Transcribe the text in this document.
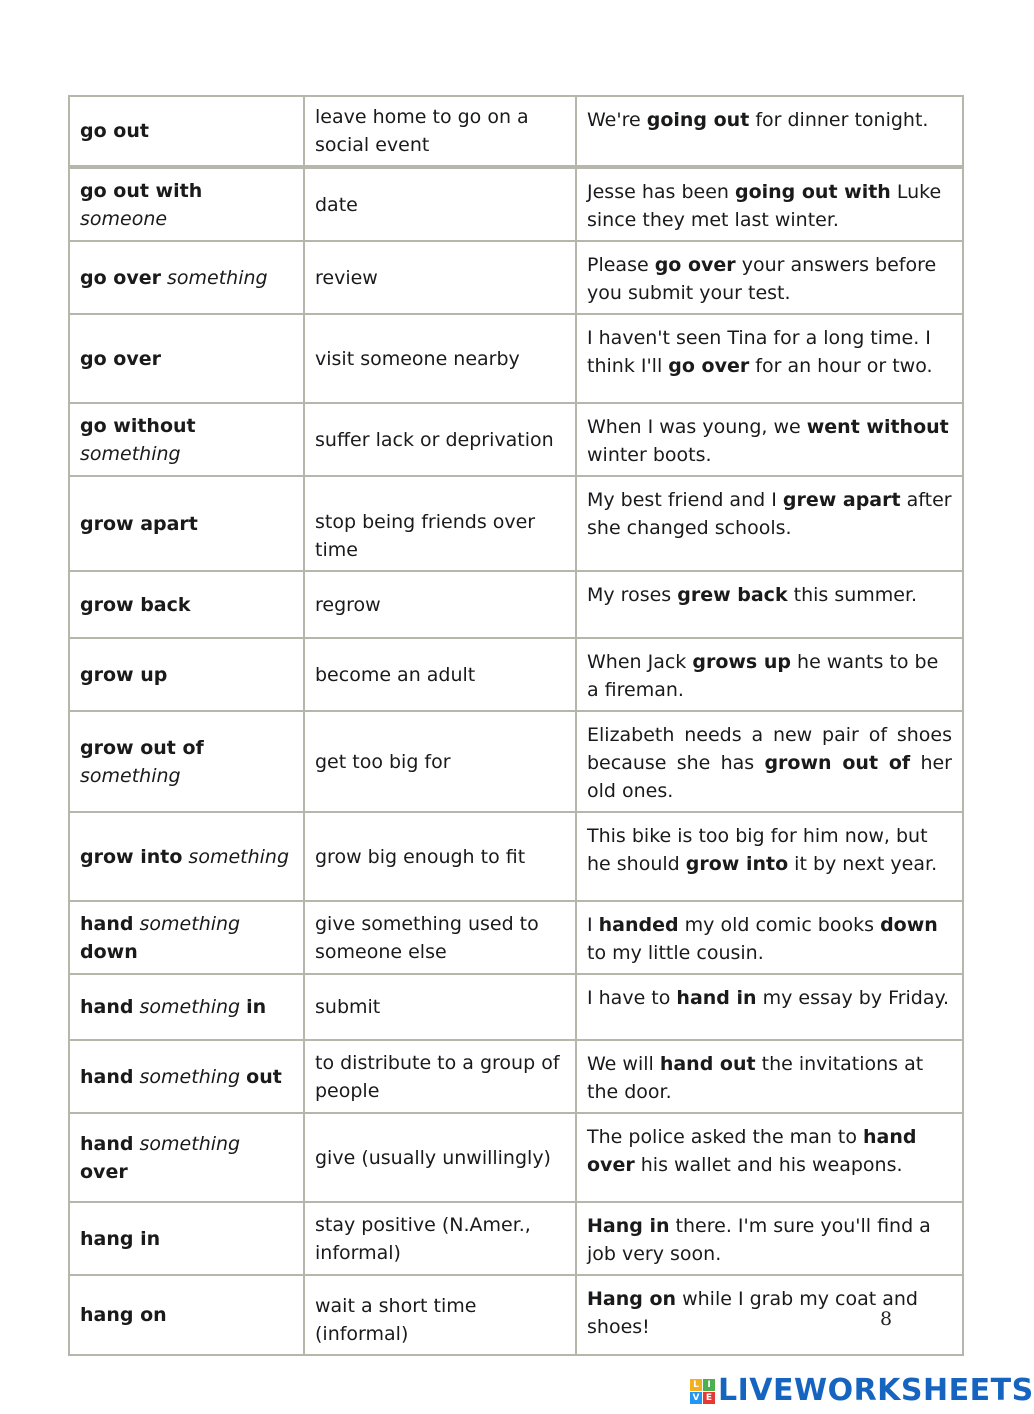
go out	leave home to go on a social event	We're going out for dinner tonight.
go out with someone	date	Jesse has been going out with Luke since they met last winter.
go over something	review	Please go over your answers before you submit your test.
go over	visit someone nearby	I haven't seen Tina for a long time. I think I'll go over for an hour or two.
go without something	suffer lack or deprivation	When I was young, we went without winter boots.
grow apart	stop being friends over time	My best friend and I grew apart after she changed schools.
grow back	regrow	My roses grew back this summer.
grow up	become an adult	When Jack grows up he wants to be a fireman.
grow out of something	get too big for	Elizabeth needs a new pair of shoes because she has grown out of her old ones.
grow into something	grow big enough to fit	This bike is too big for him now, but he should grow into it by next year.
hand something down	give something used to someone else	I handed my old comic books down to my little cousin.
hand something in	submit	I have to hand in my essay by Friday.
hand something out	to distribute to a group of people	We will hand out the invitations at the door.
hand something over	give (usually unwillingly)	The police asked the man to hand over his wallet and his weapons.
hang in	stay positive (N.Amer., informal)	Hang in there. I'm sure you'll find a job very soon.
hang on	wait a short time (informal)	Hang on while I grab my coat and shoes!	8
L I
V E LIVEWORKSHEETS
